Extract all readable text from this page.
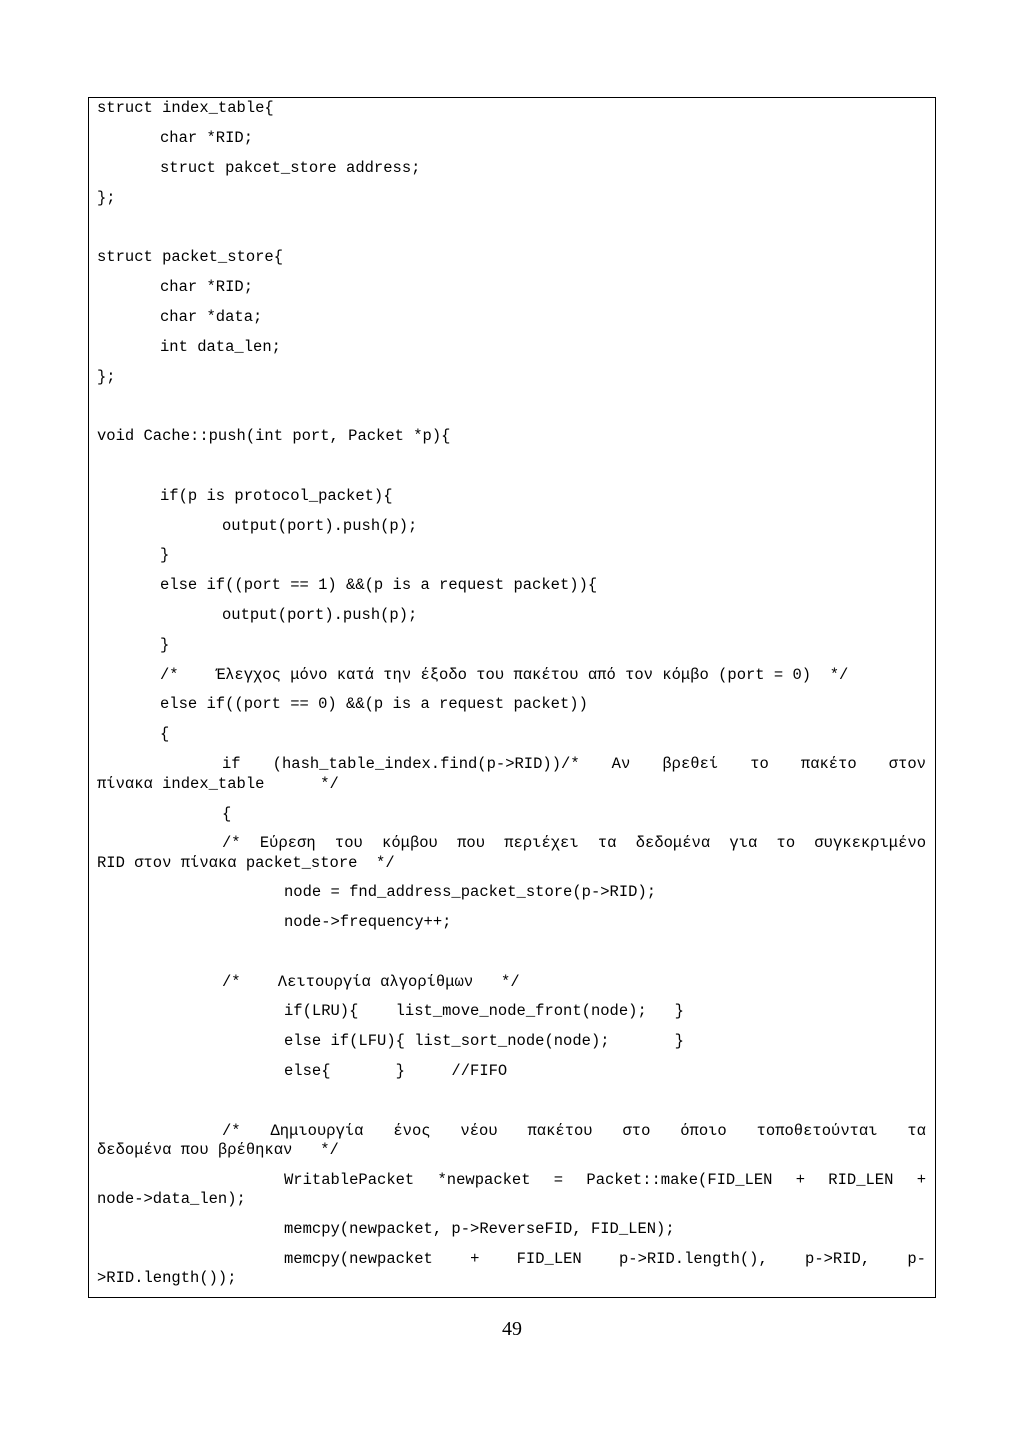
struct index_table{
char *RID;
struct pakcet_store address;
};
struct packet_store{
char *RID;
char *data;
int data_len;
};
void Cache::push(int port, Packet *p){
if(p is protocol_packet){
output(port).push(p);
}
else if((port == 1) &&(p is a request packet)){
output(port).push(p);
}
/*    Έλεγχος μόνο κατά την έξοδο του πακέτου από τον κόμβο (port = 0)  */
else if((port == 0) &&(p is a request packet))
{
if (hash_table_index.find(p->RID))/* Αν βρεθεί το πακέτο στον
πίνακα index_table      */
{
/* Εύρεση του κόμβου που περιέχει τα δεδομένα για το συγκεκριμένο
RID στον πίνακα packet_store  */
node = fnd_address_packet_store(p->RID);
node->frequency++;
/*    Λειτουργία αλγορίθμων   */
if(LRU){    list_move_node_front(node);   }
else if(LFU){ list_sort_node(node);       }
else{       }     //FIFO
/* Δημιουργία ένος νέου πακέτου στο όποιο τοποθετούνται τα
δεδομένα που βρέθηκαν   */
WritablePacket *newpacket = Packet::make(FID_LEN + RID_LEN +
node->data_len);
memcpy(newpacket, p->ReverseFID, FID_LEN);
memcpy(newpacket + FID_LEN p->RID.length(), p->RID, p-
>RID.length());
49
